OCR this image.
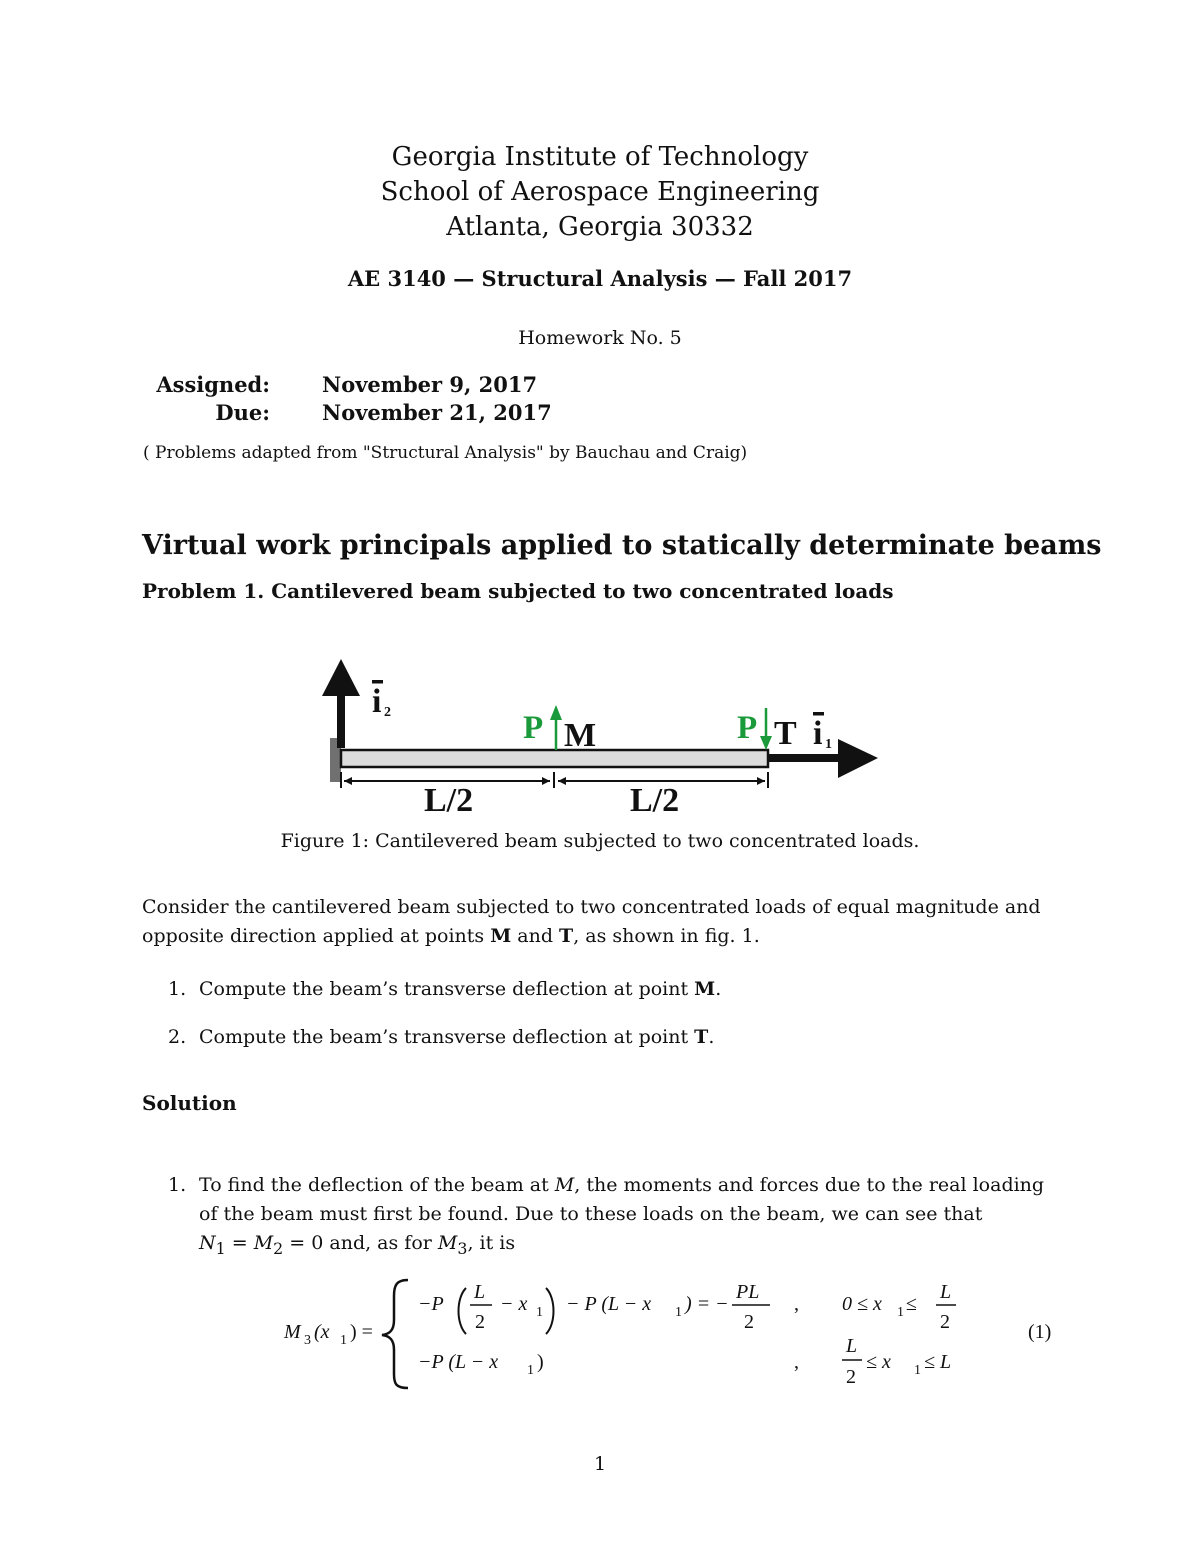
Georgia Institute of Technology
School of Aerospace Engineering
Atlanta, Georgia 30332
AE 3140 — Structural Analysis — Fall 2017
Homework No. 5
Assigned: November 9, 2017
Due: November 21, 2017
( Problems adapted from "Structural Analysis" by Bauchau and Craig)
Virtual work principals applied to statically determinate beams
Problem 1. Cantilevered beam subjected to two concentrated loads
i 2	P M	P T i 1
L/2	L/2
Figure 1: Cantilevered beam subjected to two concentrated loads.
Consider the cantilevered beam subjected to two concentrated loads of equal magnitude and
opposite direction applied at points M and T, as shown in fig. 1.
1. Compute the beam’s transverse deflection at point M.
2. Compute the beam’s transverse deflection at point T.
Solution
1. To find the deflection of the beam at M, the moments and forces due to the real loading
of the beam must first be found. Due to these loads on the beam, we can see that
$N_1 = M_2 = 0$ and, as for $M_3$, it is
M 3 (x 1 ) =
−P
L
2
− x 1 − P (L − x 1 ) = −
PL
2
, 0 ≤ x 1 ≤
L
2
−P (L − x 1 )	,
L
2
≤ x 1 ≤ L
(1)
1
